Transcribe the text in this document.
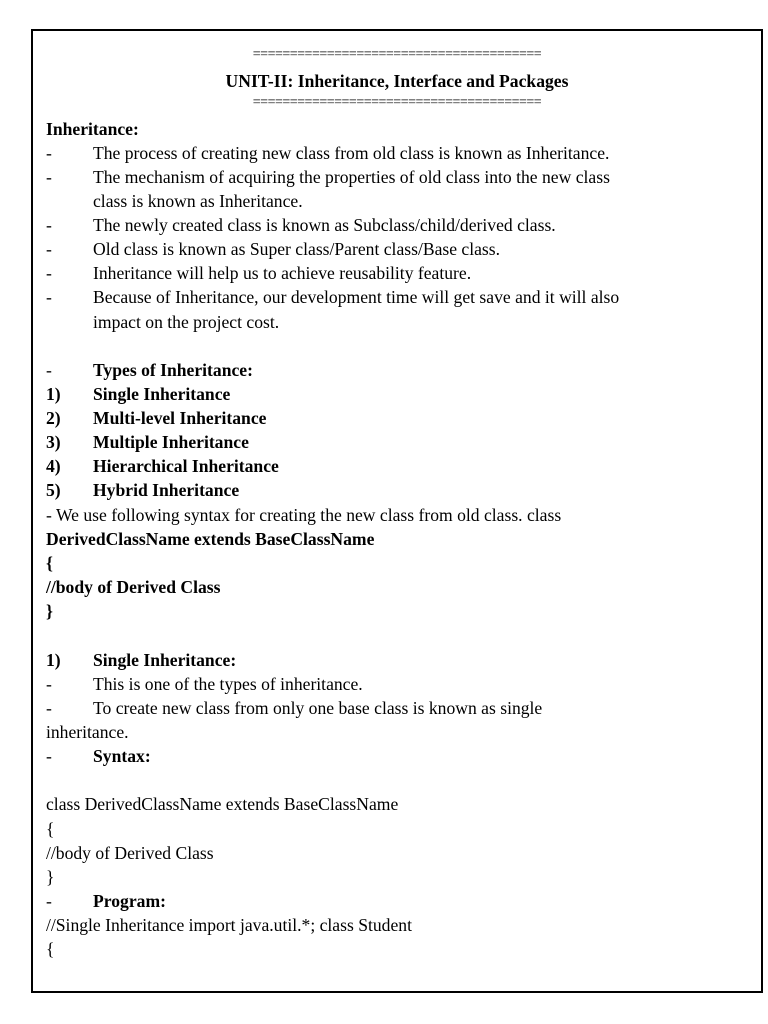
=======================================
UNIT-II: Inheritance, Interface and Packages
=======================================
Inheritance:
- The process of creating new class from old class is known as Inheritance.
- The mechanism of acquiring the properties of old class into the new class
class is known as Inheritance.
- The newly created class is known as Subclass/child/derived class.
- Old class is known as Super class/Parent class/Base class.
- Inheritance will help us to achieve reusability feature.
- Because of Inheritance, our development time will get save and it will also
impact on the project cost.
- Types of Inheritance:
1) Single Inheritance
2) Multi-level Inheritance
3) Multiple Inheritance
4) Hierarchical Inheritance
5) Hybrid Inheritance
- We use following syntax for creating the new class from old class. class
DerivedClassName extends BaseClassName
{
//body of Derived Class
}
1) Single Inheritance:
- This is one of the types of inheritance.
- To create new class from only one base class is known as single
inheritance.
- Syntax:
class DerivedClassName extends BaseClassName
{
//body of Derived Class
}
- Program:
//Single Inheritance import java.util.*; class Student
{
